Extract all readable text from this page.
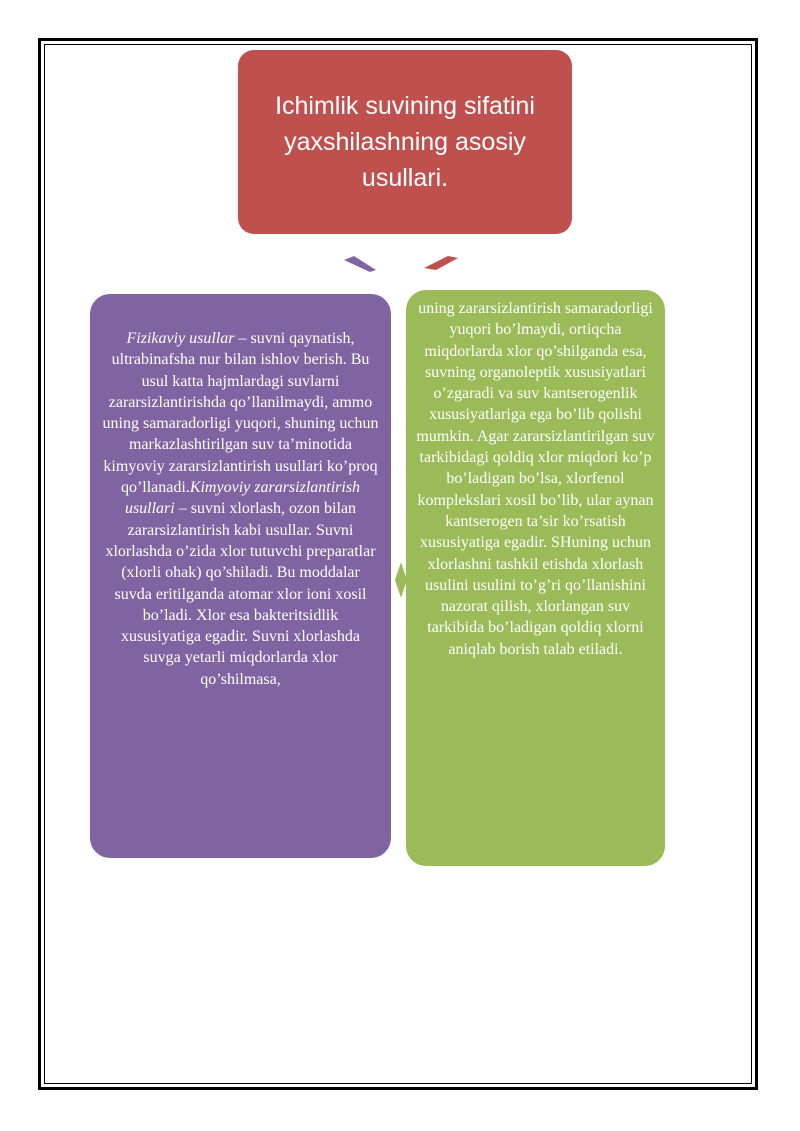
Ichimlik suvining sifatini yaxshilashning asosiy usullari.
Fizikaviy usullar – suvni qaynatish, ultrabinafsha nur bilan ishlov berish. Bu usul katta hajmlardagi suvlarni zararsizlantirishda qo’llanilmaydi, ammo uning samaradorligi yuqori, shuning uchun markazlashtirilgan suv ta’minotida kimyoviy zararsizlantirish usullari ko’proq qo’llanadi.Kimyoviy zararsizlantirish usullari – suvni xlorlash, ozon bilan zararsizlantirish kabi usullar. Suvni xlorlashda o’zida xlor tutuvchi preparatlar (xlorli ohak) qo’shiladi. Bu moddalar suvda eritilganda atomar xlor ioni xosil bo’ladi. Xlor esa bakteritsidlik xususiyatiga egadir. Suvni xlorlashda suvga yetarli miqdorlarda xlor qo’shilmasa,
uning zararsizlantirish samaradorligi yuqori bo’lmaydi, ortiqcha miqdorlarda xlor qo’shilganda esa, suvning organoleptik xususiyatlari o’zgaradi va suv kantserogenlik xususiyatlariga ega bo’lib qolishi mumkin. Agar zararsizlantirilgan suv tarkibidagi qoldiq xlor miqdori ko’p bo’ladigan bo’lsa, xlorfenol komplekslari xosil bo’lib, ular aynan kantserogen ta’sir ko’rsatish xususiyatiga egadir. SHuning uchun xlorlashni tashkil etishda xlorlash usulini usulini to’g’ri qo’llanishini nazorat qilish, xlorlangan suv tarkibida bo’ladigan qoldiq xlorni aniqlab borish talab etiladi.
